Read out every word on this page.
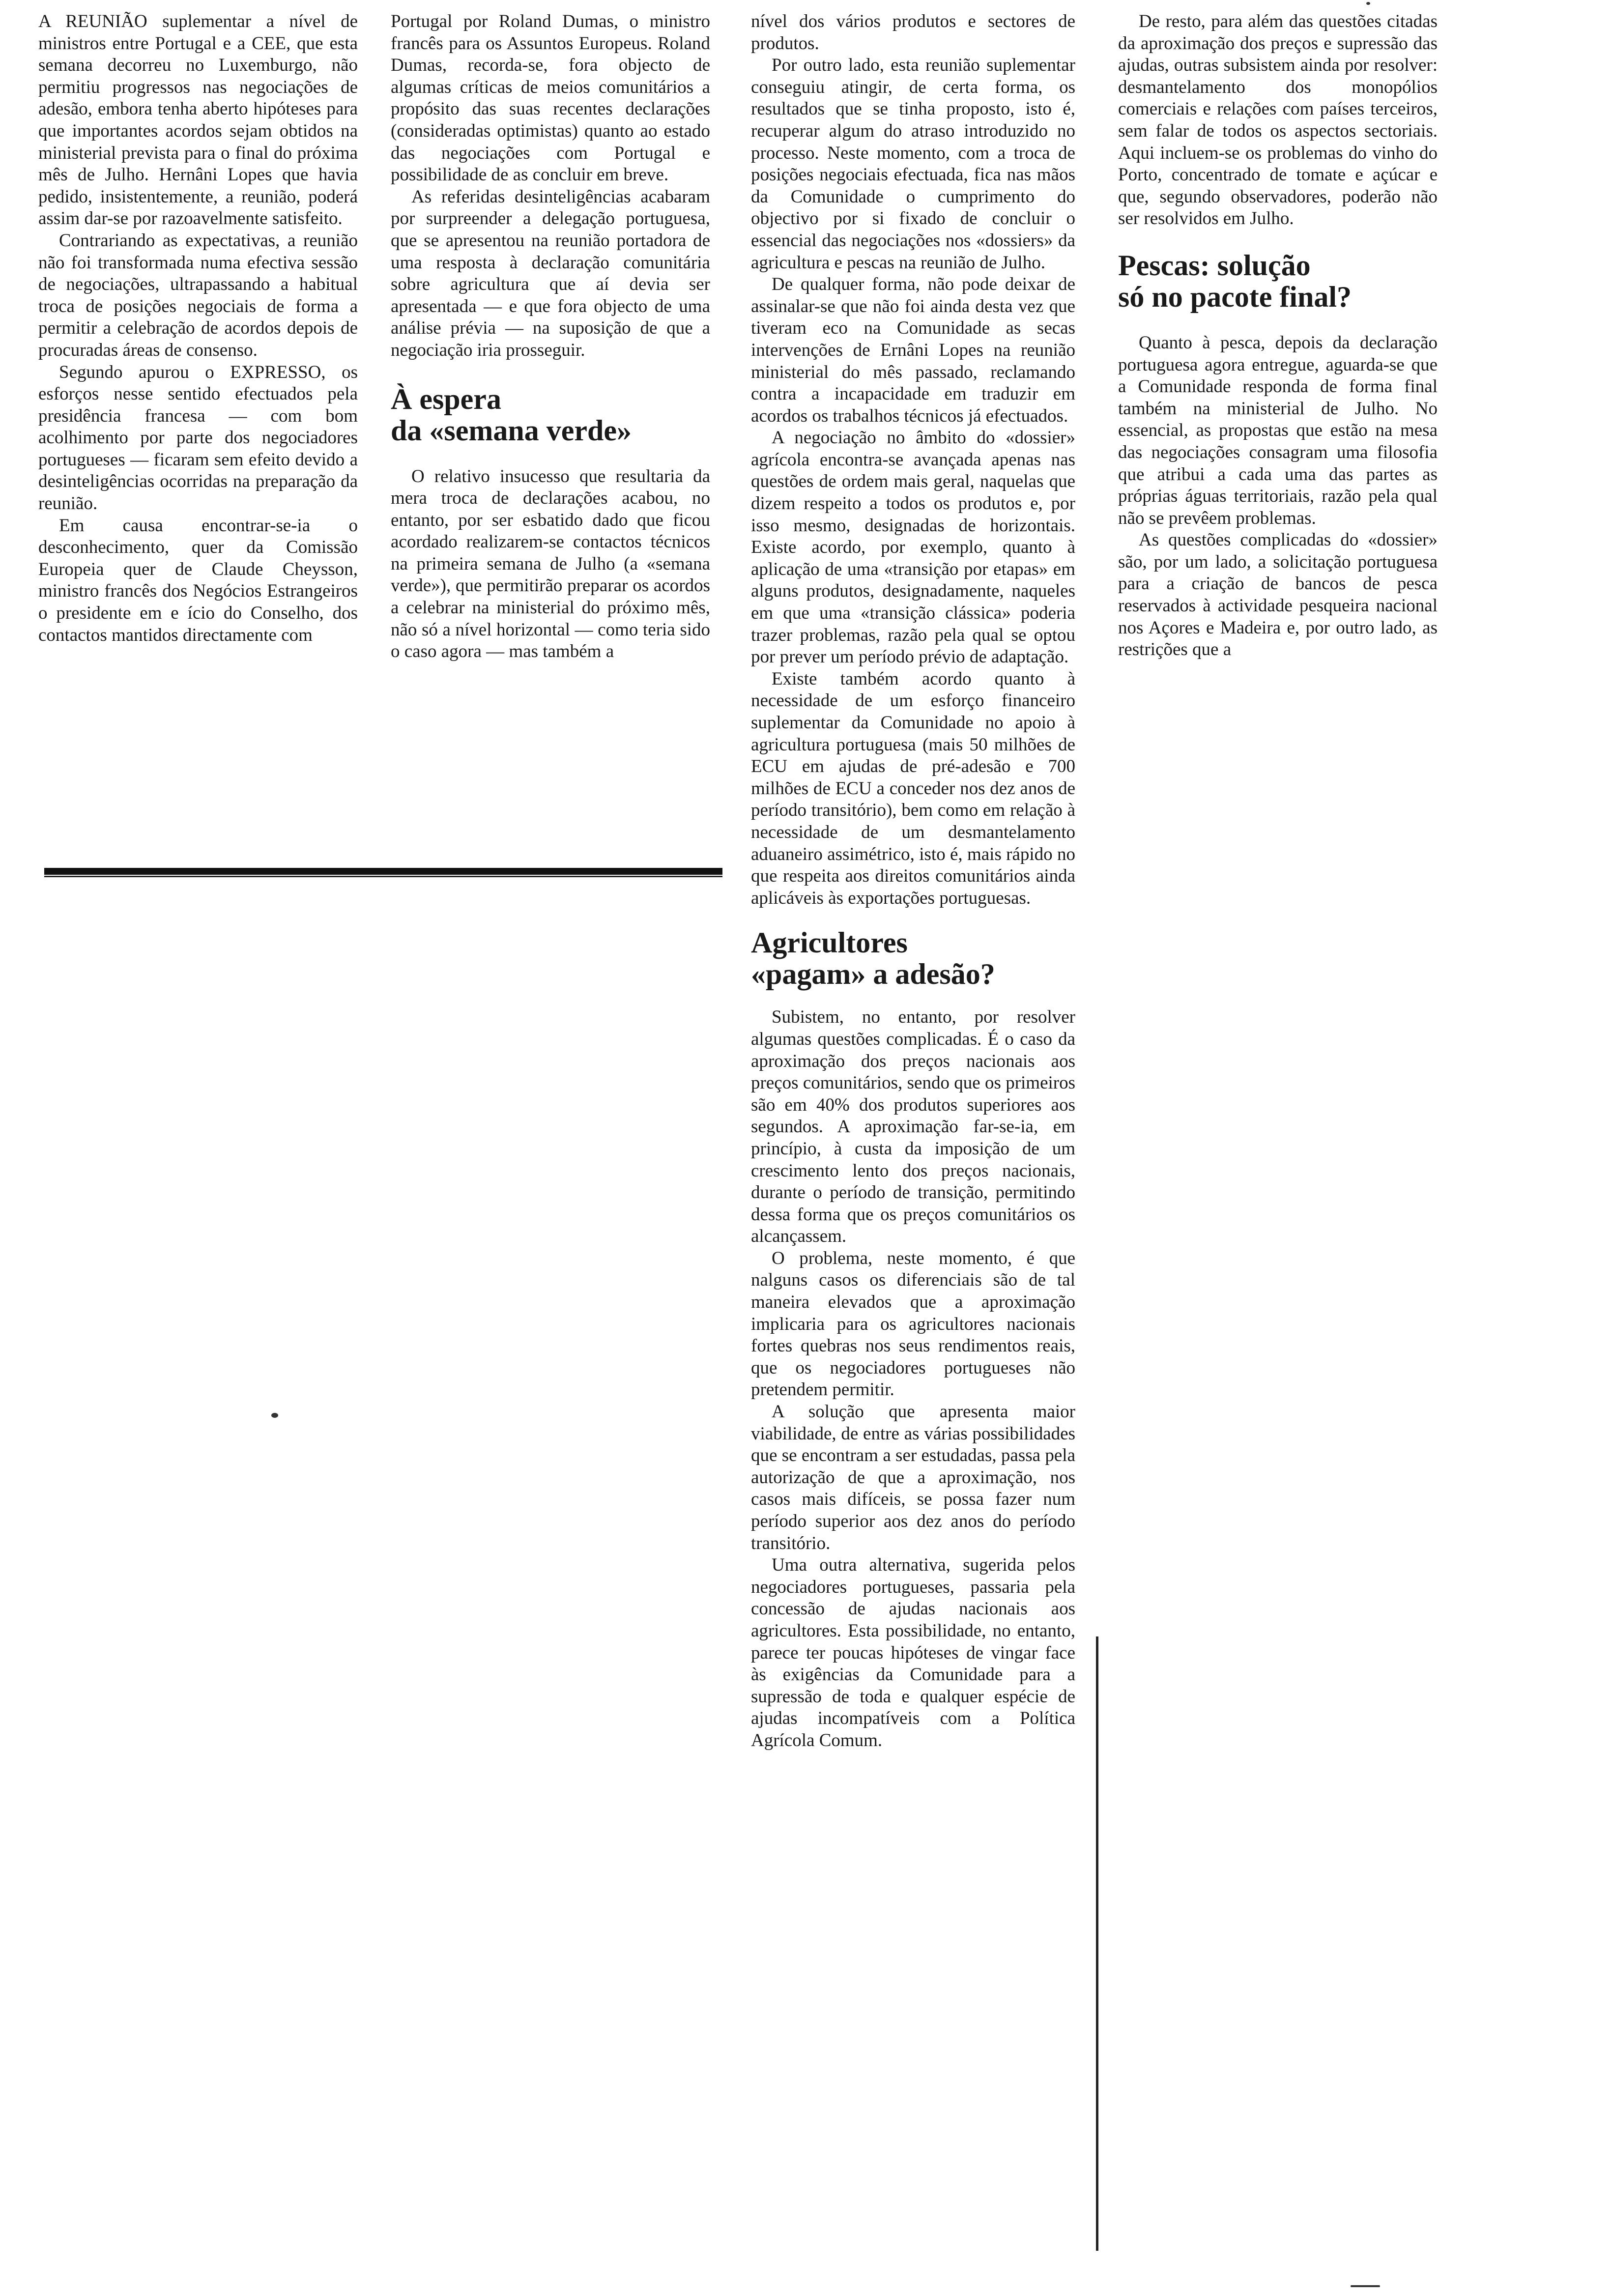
A REUNIÃO suplementar a nível de ministros entre Portugal e a CEE, que esta semana decorreu no Luxemburgo, não permitiu progressos nas negociações de adesão, embora tenha aberto hipóteses para que importantes acordos sejam obtidos na ministerial prevista para o final do próxima mês de Julho. Hernâni Lopes que havia pedido, insistentemente, a reunião, poderá assim dar-se por razoavelmente satisfeito.

Contrariando as expectativas, a reunião não foi transformada numa efectiva sessão de negociações, ultrapassando a habitual troca de posições negociais de forma a permitir a celebração de acordos depois de procuradas áreas de consenso.

Segundo apurou o EXPRESSO, os esforços nesse sentido efectuados pela presidência francesa — com bom acolhimento por parte dos negociadores portugueses — ficaram sem efeito devido a desinteligências ocorridas na preparação da reunião.

Em causa encontrar-se-ia o desconhecimento, quer da Comissão Europeia quer de Claude Cheysson, ministro francês dos Negócios Estrangeiros o presidente em e ício do Conselho, dos contactos mantidos directamente com

Portugal por Roland Dumas, o ministro francês para os Assuntos Europeus. Roland Dumas, recorda-se, fora objecto de algumas críticas de meios comunitários a propósito das suas recentes declarações (consideradas optimistas) quanto ao estado das negociações com Portugal e possibilidade de as concluir em breve.

As referidas desinteligências acabaram por surpreender a delegação portuguesa, que se apresentou na reunião portadora de uma resposta à declaração comunitária sobre agricultura que aí devia ser apresentada — e que fora objecto de uma análise prévia — na suposição de que a negociação iria prosseguir.

À espera
da «semana verde»

O relativo insucesso que resultaria da mera troca de declarações acabou, no entanto, por ser esbatido dado que ficou acordado realizarem-se contactos técnicos na primeira semana de Julho (a «semana verde»), que permitirão preparar os acordos a celebrar na ministerial do próximo mês, não só a nível horizontal — como teria sido o caso agora — mas também a

nível dos vários produtos e sectores de produtos.

Por outro lado, esta reunião suplementar conseguiu atingir, de certa forma, os resultados que se tinha proposto, isto é, recuperar algum do atraso introduzido no processo. Neste momento, com a troca de posições negociais efectuada, fica nas mãos da Comunidade o cumprimento do objectivo por si fixado de concluir o essencial das negociações nos «dossiers» da agricultura e pescas na reunião de Julho.

De qualquer forma, não pode deixar de assinalar-se que não foi ainda desta vez que tiveram eco na Comunidade as secas intervenções de Ernâni Lopes na reunião ministerial do mês passado, reclamando contra a incapacidade em traduzir em acordos os trabalhos técnicos já efectuados.

A negociação no âmbito do «dossier» agrícola encontra-se avançada apenas nas questões de ordem mais geral, naquelas que dizem respeito a todos os produtos e, por isso mesmo, designadas de horizontais. Existe acordo, por exemplo, quanto à aplicação de uma «transição por etapas» em alguns produtos, designadamente, naqueles em que uma «transição clássica» poderia trazer problemas, razão pela qual se optou por prever um período prévio de adaptação.

Existe também acordo quanto à necessidade de um esforço financeiro suplementar da Comunidade no apoio à agricultura portuguesa (mais 50 milhões de ECU em ajudas de pré-adesão e 700 milhões de ECU a conceder nos dez anos de período transitório), bem como em relação à necessidade de um desmantelamento aduaneiro assimétrico, isto é, mais rápido no que respeita aos direitos comunitários ainda aplicáveis às exportações portuguesas.

Agricultores
«pagam» a adesão?

Subistem, no entanto, por resolver algumas questões complicadas. É o caso da aproximação dos preços nacionais aos preços comunitários, sendo que os primeiros são em 40% dos produtos superiores aos segundos. A aproximação far-se-ia, em princípio, à custa da imposição de um crescimento lento dos preços nacionais, durante o período de transição, permitindo dessa forma que os preços comunitários os alcançassem.

O problema, neste momento, é que nalguns casos os diferenciais são de tal maneira elevados que a aproximação implicaria para os agricultores nacionais fortes quebras nos seus rendimentos reais, que os negociadores portugueses não pretendem permitir.

A solução que apresenta maior viabilidade, de entre as várias possibilidades que se encontram a ser estudadas, passa pela autorização de que a aproximação, nos casos mais difíceis, se possa fazer num período superior aos dez anos do período transitório.

Uma outra alternativa, sugerida pelos negociadores portugueses, passaria pela concessão de ajudas nacionais aos agricultores. Esta possibilidade, no entanto, parece ter poucas hipóteses de vingar face às exigências da Comunidade para a supressão de toda e qualquer espécie de ajudas incompatíveis com a Política Agrícola Comum.

De resto, para além das questões citadas da aproximação dos preços e supressão das ajudas, outras subsistem ainda por resolver: desmantelamento dos monopólios comerciais e relações com países terceiros, sem falar de todos os aspectos sectoriais. Aqui incluem-se os problemas do vinho do Porto, concentrado de tomate e açúcar e que, segundo observadores, poderão não ser resolvidos em Julho.

Pescas: solução
só no pacote final?

Quanto à pesca, depois da declaração portuguesa agora entregue, aguarda-se que a Comunidade responda de forma final também na ministerial de Julho. No essencial, as propostas que estão na mesa das negociações consagram uma filosofia que atribui a cada uma das partes as próprias águas territoriais, razão pela qual não se prevêem problemas.

As questões complicadas do «dossier» são, por um lado, a solicitação portuguesa para a criação de bancos de pesca reservados à actividade pesqueira nacional nos Açores e Madeira e, por outro lado, as restrições que a
